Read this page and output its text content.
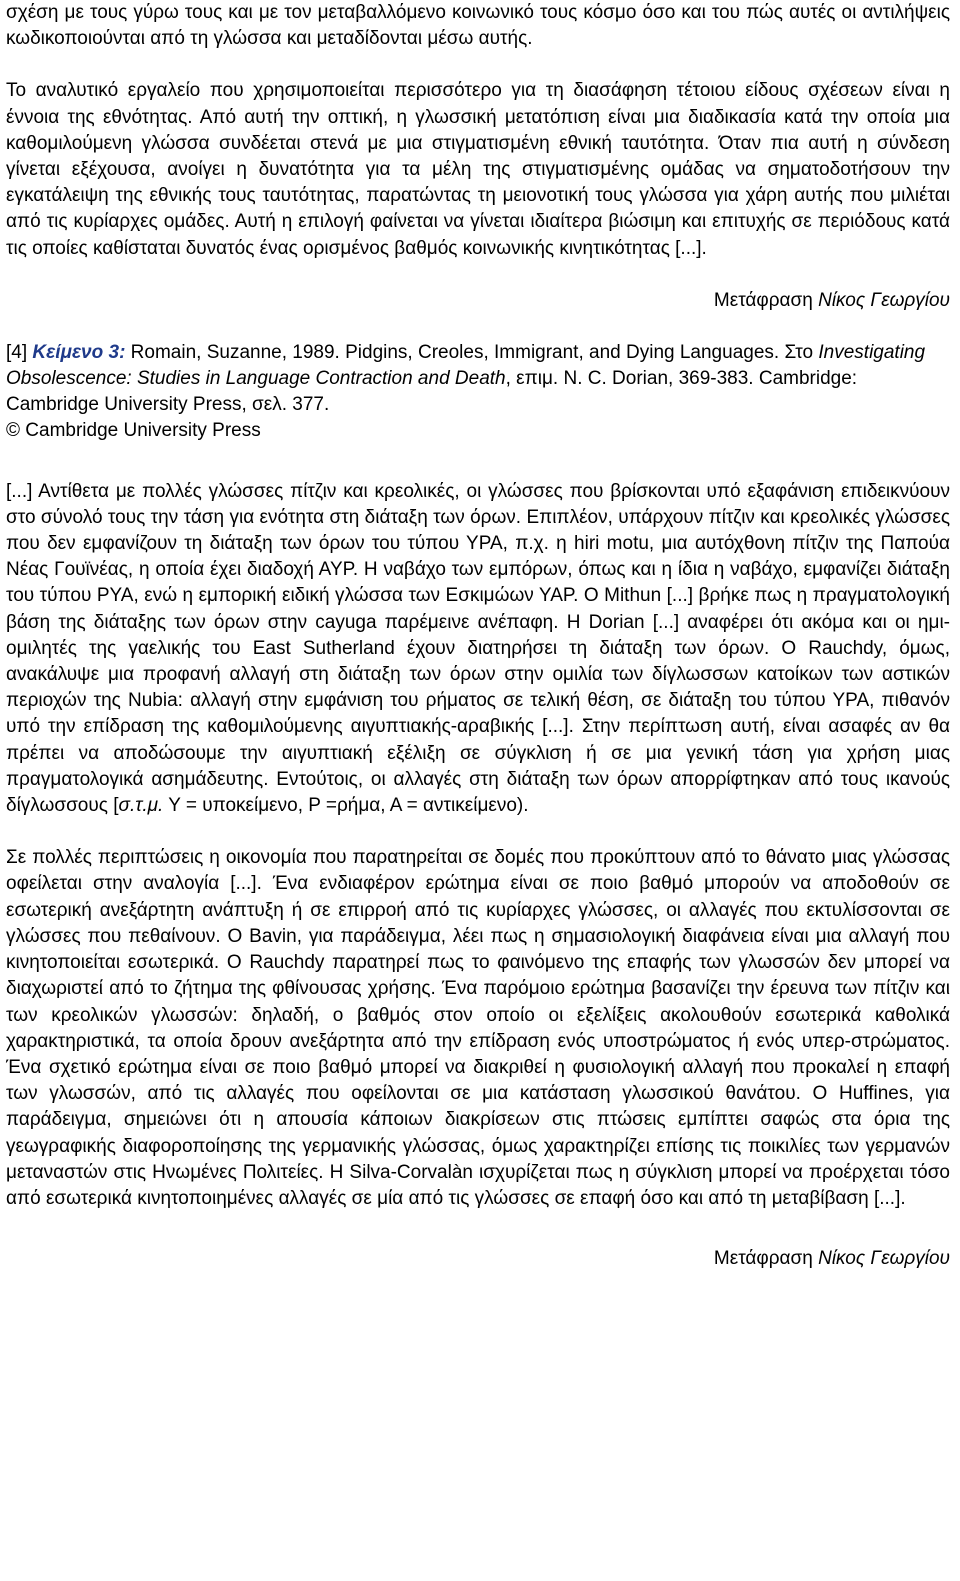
σχέση με τους γύρω τους και με τον μεταβαλλόμενο κοινωνικό τους κόσμο όσο και του πώς αυτές οι αντιλήψεις κωδικοποιούνται από τη γλώσσα και μεταδίδονται μέσω αυτής.

Το αναλυτικό εργαλείο που χρησιμοποιείται περισσότερο για τη διασάφηση τέτοιου είδους σχέσεων είναι η έννοια της εθνότητας. Από αυτή την οπτική, η γλωσσική μετατόπιση είναι μια διαδικασία κατά την οποία μια καθομιλούμενη γλώσσα συνδέεται στενά με μια στιγματισμένη εθνική ταυτότητα. Όταν πια αυτή η σύνδεση γίνεται εξέχουσα, ανοίγει η δυνατότητα για τα μέλη της στιγματισμένης ομάδας να σηματοδοτήσουν την εγκατάλειψη της εθνικής τους ταυτότητας, παρατώντας τη μειονοτική τους γλώσσα για χάρη αυτής που μιλιέται από τις κυρίαρχες ομάδες. Αυτή η επιλογή φαίνεται να γίνεται ιδιαίτερα βιώσιμη και επιτυχής σε περιόδους κατά τις οποίες καθίσταται δυνατός ένας ορισμένος βαθμός κοινωνικής κινητικότητας [...].

Μετάφραση Νίκος Γεωργίου

[4] Κείμενο 3: Romain, Suzanne, 1989. Pidgins, Creoles, Immigrant, and Dying Languages. Στο Investigating Obsolescence: Studies in Language Contraction and Death, επιμ. N. C. Dorian, 369-383. Cambridge: Cambridge University Press, σελ. 377.
© Cambridge University Press

[...] Αντίθετα με πολλές γλώσσες πίτζιν και κρεολικές, οι γλώσσες που βρίσκονται υπό εξαφάνιση επιδεικνύουν στο σύνολό τους την τάση για ενότητα στη διάταξη των όρων. Επιπλέον, υπάρχουν πίτζιν και κρεολικές γλώσσες που δεν εμφανίζουν τη διάταξη των όρων του τύπου ΥΡΑ, π.χ. η hiri motu, μια αυτόχθονη πίτζιν της Παπούα Νέας Γουϊνέας, η οποία έχει διαδοχή ΑΥΡ. Η ναβάχο των εμπόρων, όπως και η ίδια η ναβάχο, εμφανίζει διάταξη του τύπου ΡΥΑ, ενώ η εμπορική ειδική γλώσσα των Εσκιμώων ΥΑΡ. Ο Mithun [...] βρήκε πως η πραγματολογική βάση της διάταξης των όρων στην cayuga παρέμεινε ανέπαφη. Η Dorian [...] αναφέρει ότι ακόμα και οι ημι-ομιλητές της γαελικής του East Sutherland έχουν διατηρήσει τη διάταξη των όρων. Ο Rauchdy, όμως, ανακάλυψε μια προφανή αλλαγή στη διάταξη των όρων στην ομιλία των δίγλωσσων κατοίκων των αστικών περιοχών της Nubia: αλλαγή στην εμφάνιση του ρήματος σε τελική θέση, σε διάταξη του τύπου ΥΡΑ, πιθανόν υπό την επίδραση της καθομιλούμενης αιγυπτιακής-αραβικής [...]. Στην περίπτωση αυτή, είναι ασαφές αν θα πρέπει να αποδώσουμε την αιγυπτιακή εξέλιξη σε σύγκλιση ή σε μια γενική τάση για χρήση μιας πραγματολογικά ασημάδευτης. Εντούτοις, οι αλλαγές στη διάταξη των όρων απορρίφτηκαν από τους ικανούς δίγλωσσους [σ.τ.μ. Υ = υποκείμενο, Ρ =ρήμα, Α = αντικείμενο).

Σε πολλές περιπτώσεις η οικονομία που παρατηρείται σε δομές που προκύπτουν από το θάνατο μιας γλώσσας οφείλεται στην αναλογία [...]. Ένα ενδιαφέρον ερώτημα είναι σε ποιο βαθμό μπορούν να αποδοθούν σε εσωτερική ανεξάρτητη ανάπτυξη ή σε επιρροή από τις κυρίαρχες γλώσσες, οι αλλαγές που εκτυλίσσονται σε γλώσσες που πεθαίνουν. Ο Bavin, για παράδειγμα, λέει πως η σημασιολογική διαφάνεια είναι μια αλλαγή που κινητοποιείται εσωτερικά. Ο Rauchdy παρατηρεί πως το φαινόμενο της επαφής των γλωσσών δεν μπορεί να διαχωριστεί από το ζήτημα της φθίνουσας χρήσης. Ένα παρόμοιο ερώτημα βασανίζει την έρευνα των πίτζιν και των κρεολικών γλωσσών: δηλαδή, ο βαθμός στον οποίο οι εξελίξεις ακολουθούν εσωτερικά καθολικά χαρακτηριστικά, τα οποία δρουν ανεξάρτητα από την επίδραση ενός υποστρώματος ή ενός υπερ-στρώματος. Ένα σχετικό ερώτημα είναι σε ποιο βαθμό μπορεί να διακριθεί η φυσιολογική αλλαγή που προκαλεί η επαφή των γλωσσών, από τις αλλαγές που οφείλονται σε μια κατάσταση γλωσσικού θανάτου. Ο Huffines, για παράδειγμα, σημειώνει ότι η απουσία κάποιων διακρίσεων στις πτώσεις εμπίπτει σαφώς στα όρια της γεωγραφικής διαφοροποίησης της γερμανικής γλώσσας, όμως χαρακτηρίζει επίσης τις ποικιλίες των γερμανών μεταναστών στις Ηνωμένες Πολιτείες. Η Silva-Corvalàn ισχυρίζεται πως η σύγκλιση μπορεί να προέρχεται τόσο από εσωτερικά κινητοποιημένες αλλαγές σε μία από τις γλώσσες σε επαφή όσο και από τη μεταβίβαση [...].

Μετάφραση Νίκος Γεωργίου
